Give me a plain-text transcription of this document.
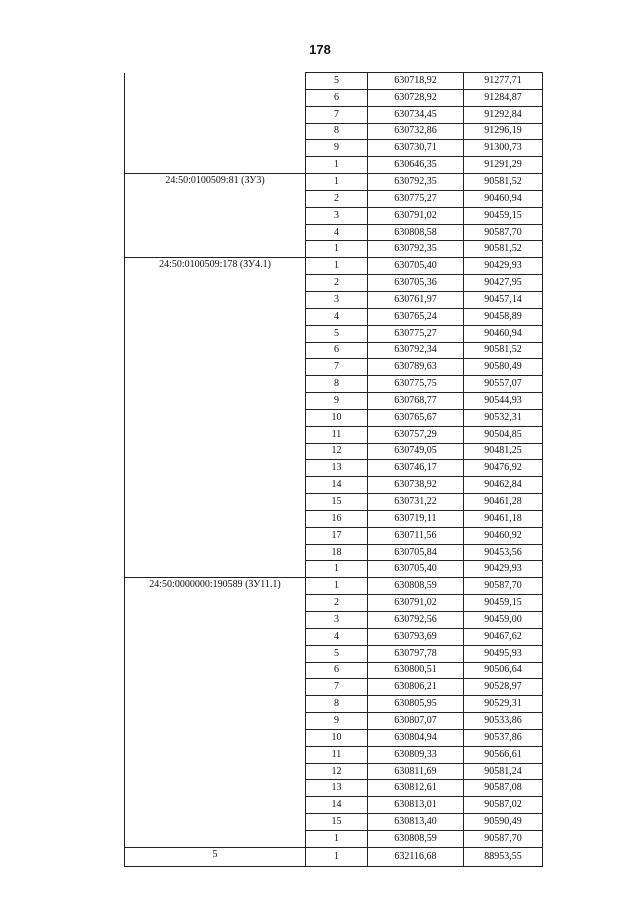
178
	5	630718,92	91277,71
	6	630728,92	91284,87
	7	630734,45	91292,84
	8	630732,86	91296,19
	9	630730,71	91300,73
	1	630646,35	91291,29
24:50:0100509:81 (ЗУ3)	1	630792,35	90581,52
	2	630775,27	90460,94
	3	630791,02	90459,15
	4	630808,58	90587,70
	1	630792,35	90581,52
24:50:0100509:178 (ЗУ4.1)	1	630705,40	90429,93
	2	630705,36	90427,95
	3	630761,97	90457,14
	4	630765,24	90458,89
	5	630775,27	90460,94
	6	630792,34	90581,52
	7	630789,63	90580,49
	8	630775,75	90557,07
	9	630768,77	90544,93
	10	630765,67	90532,31
	11	630757,29	90504,85
	12	630749,05	90481,25
	13	630746,17	90476,92
	14	630738,92	90462,84
	15	630731,22	90461,28
	16	630719,11	90461,18
	17	630711,56	90460,92
	18	630705,84	90453,56
	1	630705,40	90429,93
24:50:0000000:190589 (ЗУ11.1)	1	630808,59	90587,70
	2	630791,02	90459,15
	3	630792,56	90459,00
	4	630793,69	90467,62
	5	630797,78	90495,93
	6	630800,51	90506,64
	7	630806,21	90528,97
	8	630805,95	90529,31
	9	630807,07	90533,86
	10	630804,94	90537,86
	11	630809,33	90566,61
	12	630811,69	90581,24
	13	630812,61	90587,08
	14	630813,01	90587,02
	15	630813,40	90590,49
	1	630808,59	90587,70
5	1	632116,68	88953,55
